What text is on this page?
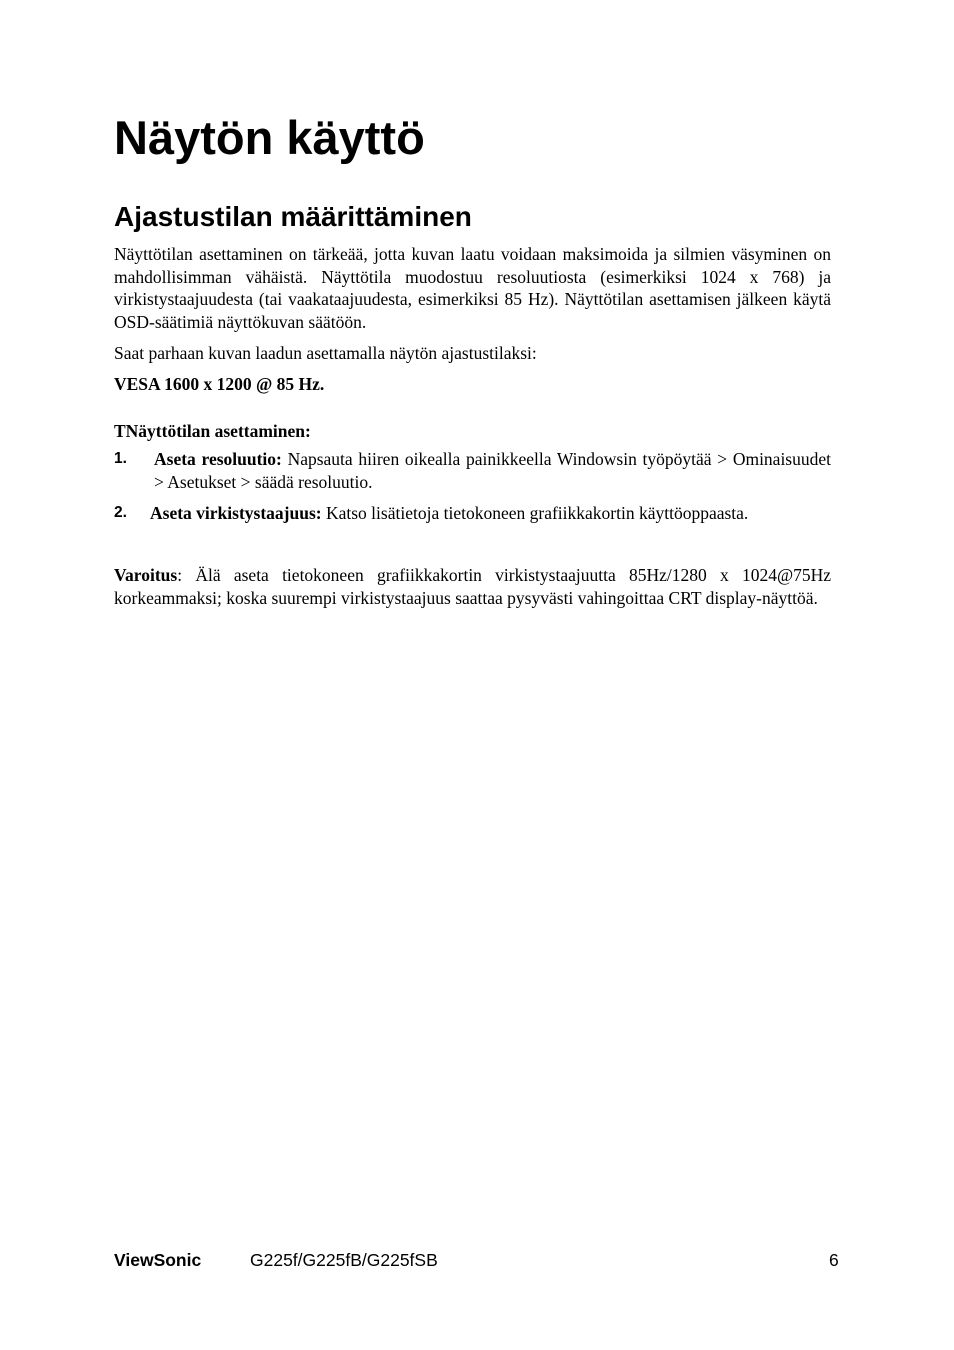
Näytön käyttö
Ajastustilan määrittäminen

Näyttötilan asettaminen on tärkeää, jotta kuvan laatu voidaan maksimoida ja silmien väsyminen on mahdollisimman vähäistä. Näyttötila muodostuu resoluutiosta (esimerkiksi 1024 x 768) ja virkistystaajuudesta (tai vaakataajuudesta, esimerkiksi 85 Hz). Näyttötilan asettamisen jälkeen käytä OSD-säätimiä näyttökuvan säätöön.

Saat parhaan kuvan laadun asettamalla näytön ajastustilaksi:

VESA 1600 x 1200 @ 85 Hz.

TNäyttötilan asettaminen:

1. Aseta resoluutio: Napsauta hiiren oikealla painikkeella Windowsin työpöytää > Ominaisuudet > Asetukset > säädä resoluutio.
2. Aseta virkistystaajuus: Katso lisätietoja tietokoneen grafiikkakortin käyttöoppaasta.

Varoitus: Älä aseta tietokoneen grafiikkakortin virkistystaajuutta 85Hz/1280 x 1024@75Hz korkeammaksi; koska suurempi virkistystaajuus saattaa pysyvästi vahingoittaa CRT display-näyttöä.

ViewSonic	G225f/G225fB/G225fSB	6
